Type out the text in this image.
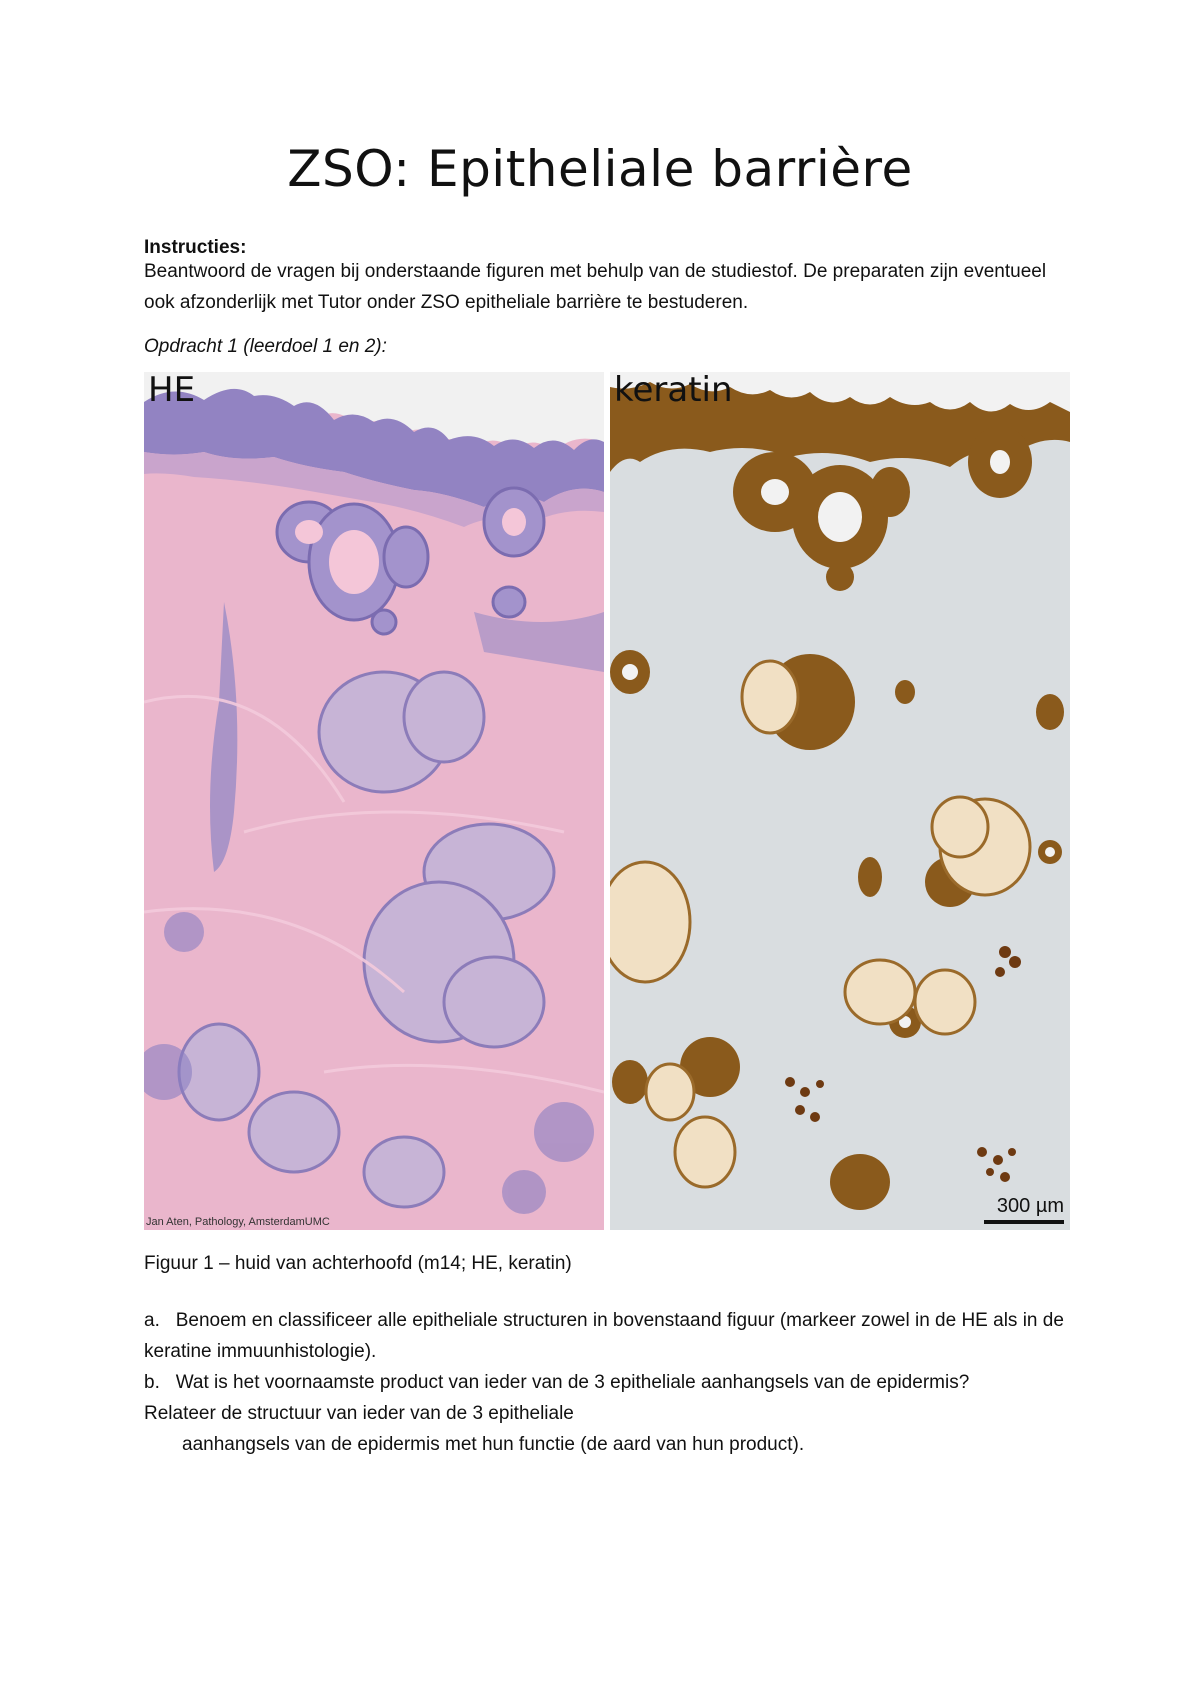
ZSO: Epitheliale barrière

Instructies:

Beantwoord de vragen bij onderstaande figuren met behulp van de studiestof. De preparaten zijn eventueel ook afzonderlijk met Tutor onder ZSO epitheliale barrière te bestuderen.

Opdracht 1 (leerdoel 1 en 2):

HE
Jan Aten, Pathology, AmsterdamUMC
keratin
300 µm

Figuur 1 – huid van achterhoofd (m14; HE, keratin)

a. Benoem en classificeer alle epitheliale structuren in bovenstaand figuur (markeer zowel in de HE als in de keratine immuunhistologie).
b. Wat is het voornaamste product van ieder van de 3 epitheliale aanhangsels van de epidermis?
Relateer de structuur van ieder van de 3 epitheliale
aanhangsels van de epidermis met hun functie (de aard van hun product).
